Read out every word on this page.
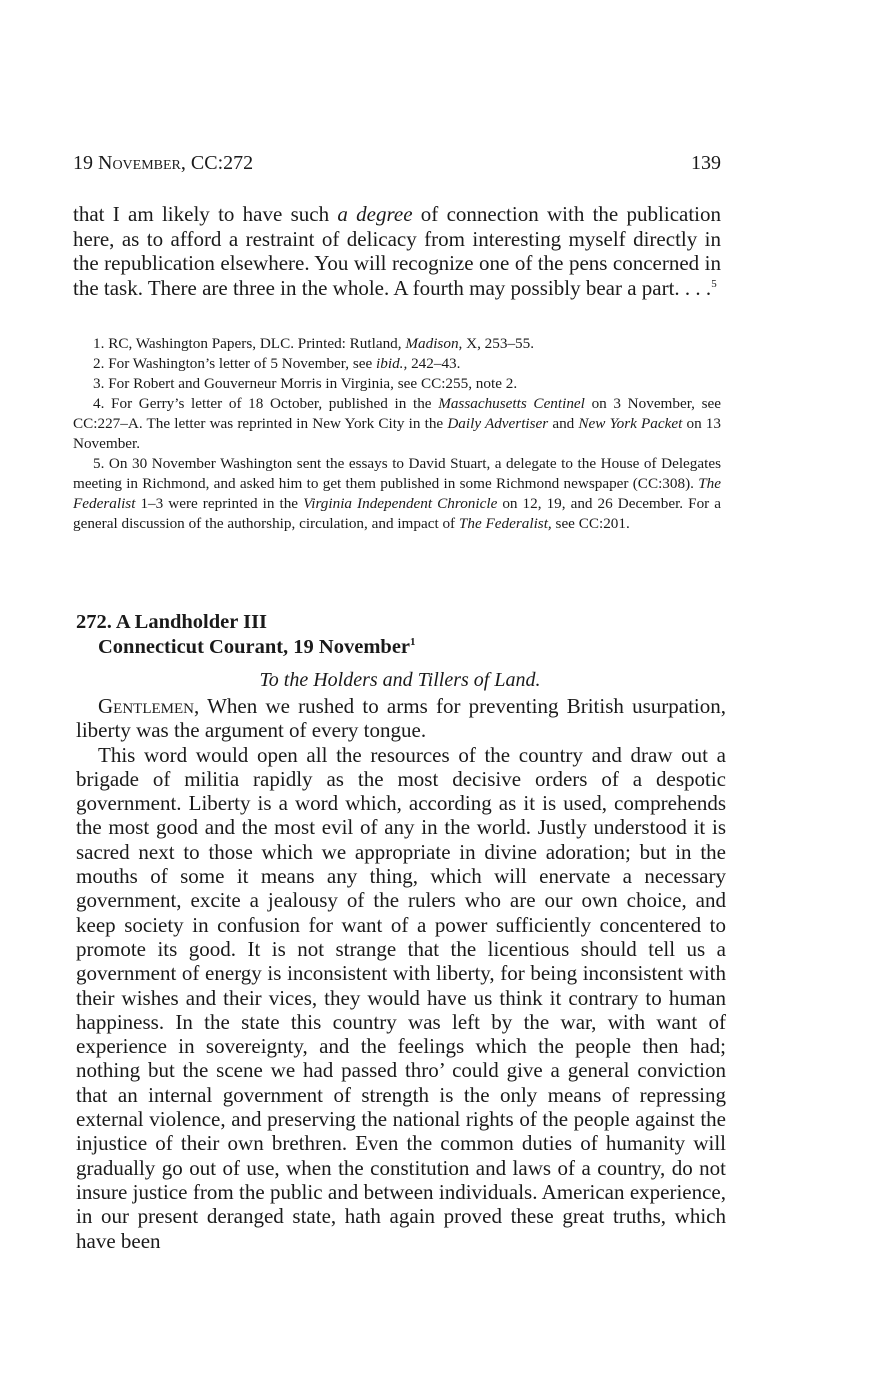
19 November, CC:272	139

that I am likely to have such a degree of connection with the publication here, as to afford a restraint of delicacy from interesting myself directly in the republication elsewhere. You will recognize one of the pens concerned in the task. There are three in the whole. A fourth may possibly bear a part. . . .$^5$

1. RC, Washington Papers, DLC. Printed: Rutland, Madison, X, 253–55.

2. For Washington’s letter of 5 November, see ibid., 242–43.

3. For Robert and Gouverneur Morris in Virginia, see CC:255, note 2.

4. For Gerry’s letter of 18 October, published in the Massachusetts Centinel on 3 November, see CC:227–A. The letter was reprinted in New York City in the Daily Advertiser and New York Packet on 13 November.

5. On 30 November Washington sent the essays to David Stuart, a delegate to the House of Delegates meeting in Richmond, and asked him to get them published in some Richmond newspaper (CC:308). The Federalist 1–3 were reprinted in the Virginia Independent Chronicle on 12, 19, and 26 December. For a general discussion of the authorship, circulation, and impact of The Federalist, see CC:201.

272. A Landholder III
Connecticut Courant, 19 November$^1$
To the Holders and Tillers of Land.

Gentlemen, When we rushed to arms for preventing British usurpation, liberty was the argument of every tongue.

This word would open all the resources of the country and draw out a brigade of militia rapidly as the most decisive orders of a despotic government. Liberty is a word which, according as it is used, comprehends the most good and the most evil of any in the world. Justly understood it is sacred next to those which we appropriate in divine adoration; but in the mouths of some it means any thing, which will enervate a necessary government, excite a jealousy of the rulers who are our own choice, and keep society in confusion for want of a power sufficiently concentered to promote its good. It is not strange that the licentious should tell us a government of energy is inconsistent with liberty, for being inconsistent with their wishes and their vices, they would have us think it contrary to human happiness. In the state this country was left by the war, with want of experience in sovereignty, and the feelings which the people then had; nothing but the scene we had passed thro’ could give a general conviction that an internal government of strength is the only means of repressing external violence, and preserving the national rights of the people against the injustice of their own brethren. Even the common duties of humanity will gradually go out of use, when the constitution and laws of a country, do not insure justice from the public and between individuals. American experience, in our present deranged state, hath again proved these great truths, which have been
